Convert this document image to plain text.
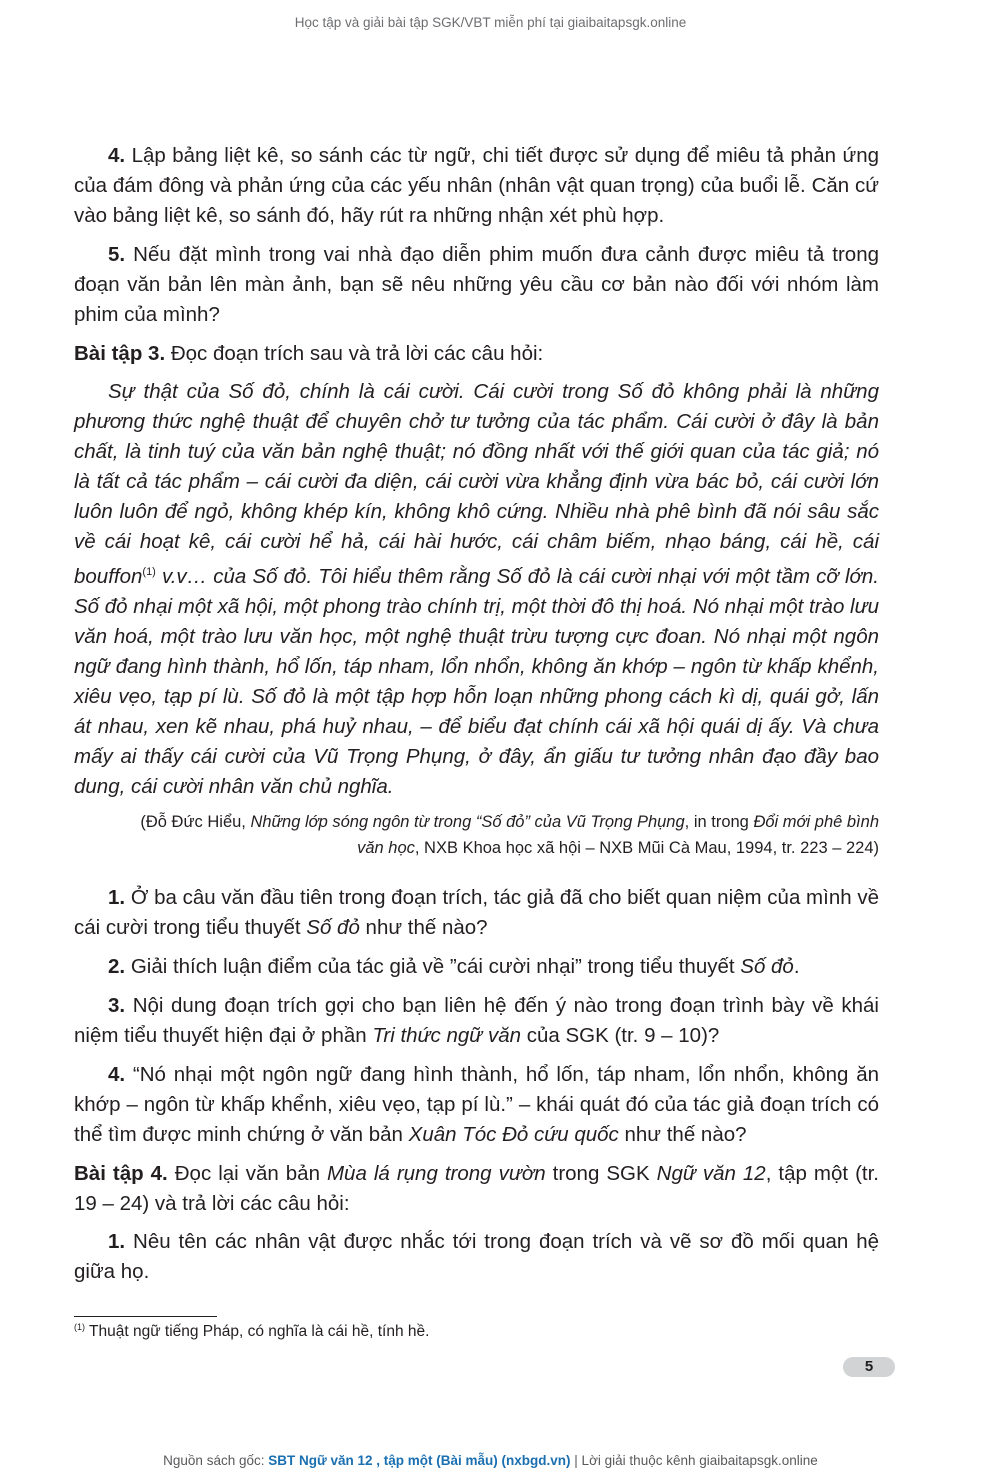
Học tập và giải bài tập SGK/VBT miễn phí tại giaibaitapsgk.online

4. Lập bảng liệt kê, so sánh các từ ngữ, chi tiết được sử dụng để miêu tả phản ứng của đám đông và phản ứng của các yếu nhân (nhân vật quan trọng) của buổi lễ. Căn cứ vào bảng liệt kê, so sánh đó, hãy rút ra những nhận xét phù hợp.

5. Nếu đặt mình trong vai nhà đạo diễn phim muốn đưa cảnh được miêu tả trong đoạn văn bản lên màn ảnh, bạn sẽ nêu những yêu cầu cơ bản nào đối với nhóm làm phim của mình?

Bài tập 3. Đọc đoạn trích sau và trả lời các câu hỏi:

Sự thật của Số đỏ, chính là cái cười. Cái cười trong Số đỏ không phải là những phương thức nghệ thuật để chuyên chở tư tưởng của tác phẩm. Cái cười ở đây là bản chất, là tinh tuý của văn bản nghệ thuật; nó đồng nhất với thế giới quan của tác giả; nó là tất cả tác phẩm – cái cười đa diện, cái cười vừa khẳng định vừa bác bỏ, cái cười lớn luôn luôn để ngỏ, không khép kín, không khô cứng. Nhiều nhà phê bình đã nói sâu sắc về cái hoạt kê, cái cười hể hả, cái hài hước, cái châm biếm, nhạo báng, cái hề, cái bouffon$^{(1)}$ v.v… của Số đỏ. Tôi hiểu thêm rằng Số đỏ là cái cười nhại với một tầm cỡ lớn. Số đỏ nhại một xã hội, một phong trào chính trị, một thời đô thị hoá. Nó nhại một trào lưu văn hoá, một trào lưu văn học, một nghệ thuật trừu tượng cực đoan. Nó nhại một ngôn ngữ đang hình thành, hổ lốn, táp nham, lổn nhổn, không ăn khớp – ngôn từ khấp khểnh, xiêu vẹo, tạp pí lù. Số đỏ là một tập hợp hỗn loạn những phong cách kì dị, quái gở, lấn át nhau, xen kẽ nhau, phá huỷ nhau, – để biểu đạt chính cái xã hội quái dị ấy. Và chưa mấy ai thấy cái cười của Vũ Trọng Phụng, ở đây, ẩn giấu tư tưởng nhân đạo đầy bao dung, cái cười nhân văn chủ nghĩa.

(Đỗ Đức Hiểu, Những lớp sóng ngôn từ trong “Số đỏ” của Vũ Trọng Phụng, in trong Đổi mới phê bình văn học, NXB Khoa học xã hội – NXB Mũi Cà Mau, 1994, tr. 223 – 224)

1. Ở ba câu văn đầu tiên trong đoạn trích, tác giả đã cho biết quan niệm của mình về cái cười trong tiểu thuyết Số đỏ như thế nào?

2. Giải thích luận điểm của tác giả về ”cái cười nhại” trong tiểu thuyết Số đỏ.

3. Nội dung đoạn trích gợi cho bạn liên hệ đến ý nào trong đoạn trình bày về khái niệm tiểu thuyết hiện đại ở phần Tri thức ngữ văn của SGK (tr. 9 – 10)?

4. “Nó nhại một ngôn ngữ đang hình thành, hổ lốn, táp nham, lổn nhổn, không ăn khớp – ngôn từ khấp khểnh, xiêu vẹo, tạp pí lù.” – khái quát đó của tác giả đoạn trích có thể tìm được minh chứng ở văn bản Xuân Tóc Đỏ cứu quốc như thế nào?

Bài tập 4. Đọc lại văn bản Mùa lá rụng trong vườn trong SGK Ngữ văn 12, tập một (tr. 19 – 24) và trả lời các câu hỏi:

1. Nêu tên các nhân vật được nhắc tới trong đoạn trích và vẽ sơ đồ mối quan hệ giữa họ.

$^{(1)}$ Thuật ngữ tiếng Pháp, có nghĩa là cái hề, tính hề.
5
Nguồn sách gốc: SBT Ngữ văn 12 , tập một (Bài mẫu) (nxbgd.vn) | Lời giải thuộc kênh giaibaitapsgk.online
